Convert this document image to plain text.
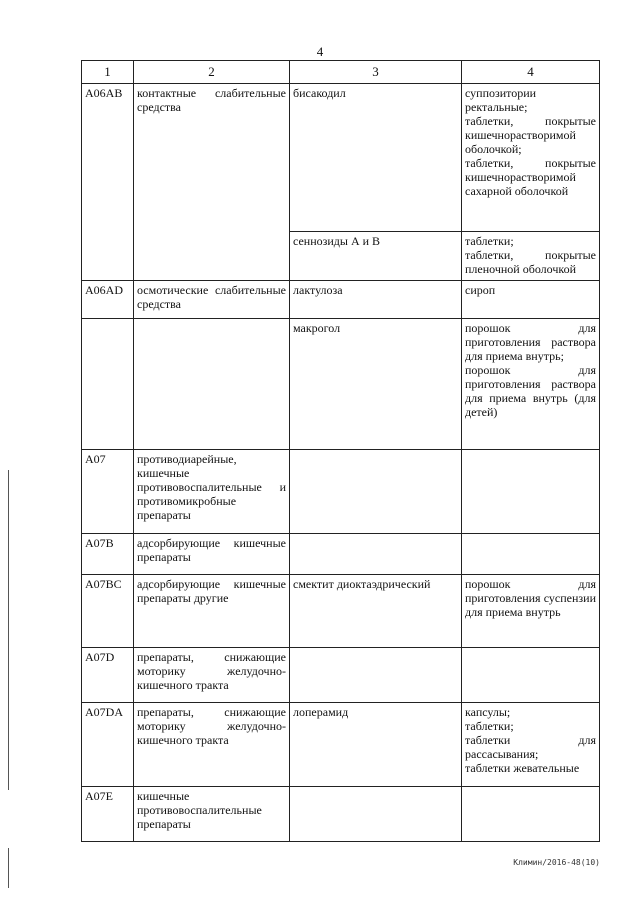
4
1	2	3	4
A06AB	контактные слабительные средства	бисакодил	суппозитории ректальные;
таблетки, покрытые кишечнорастворимой оболочкой;
таблетки, покрытые кишечнорастворимой сахарной оболочкой
		сеннозиды А и В	таблетки;
таблетки, покрытые пленочной оболочкой
A06AD	осмотические слабительные средства	лактулоза	сироп
		макрогол	порошок для приготовления раствора для приема внутрь;
порошок для приготовления раствора для приема внутрь (для детей)
A07	противодиарейные, кишечные противовоспалительные и противомикробные препараты		
A07B	адсорбирующие кишечные препараты		
A07BC	адсорбирующие кишечные препараты другие	смектит диоктаэдрический	порошок для приготовления суспензии для приема внутрь
A07D	препараты, снижающие моторику желудочно-кишечного тракта		
A07DA	препараты, снижающие моторику желудочно-кишечного тракта	лоперамид	капсулы;
таблетки;
таблетки для рассасывания;
таблетки жевательные
A07E	кишечные противовоспалительные препараты		
Климин/2016-48(10)
